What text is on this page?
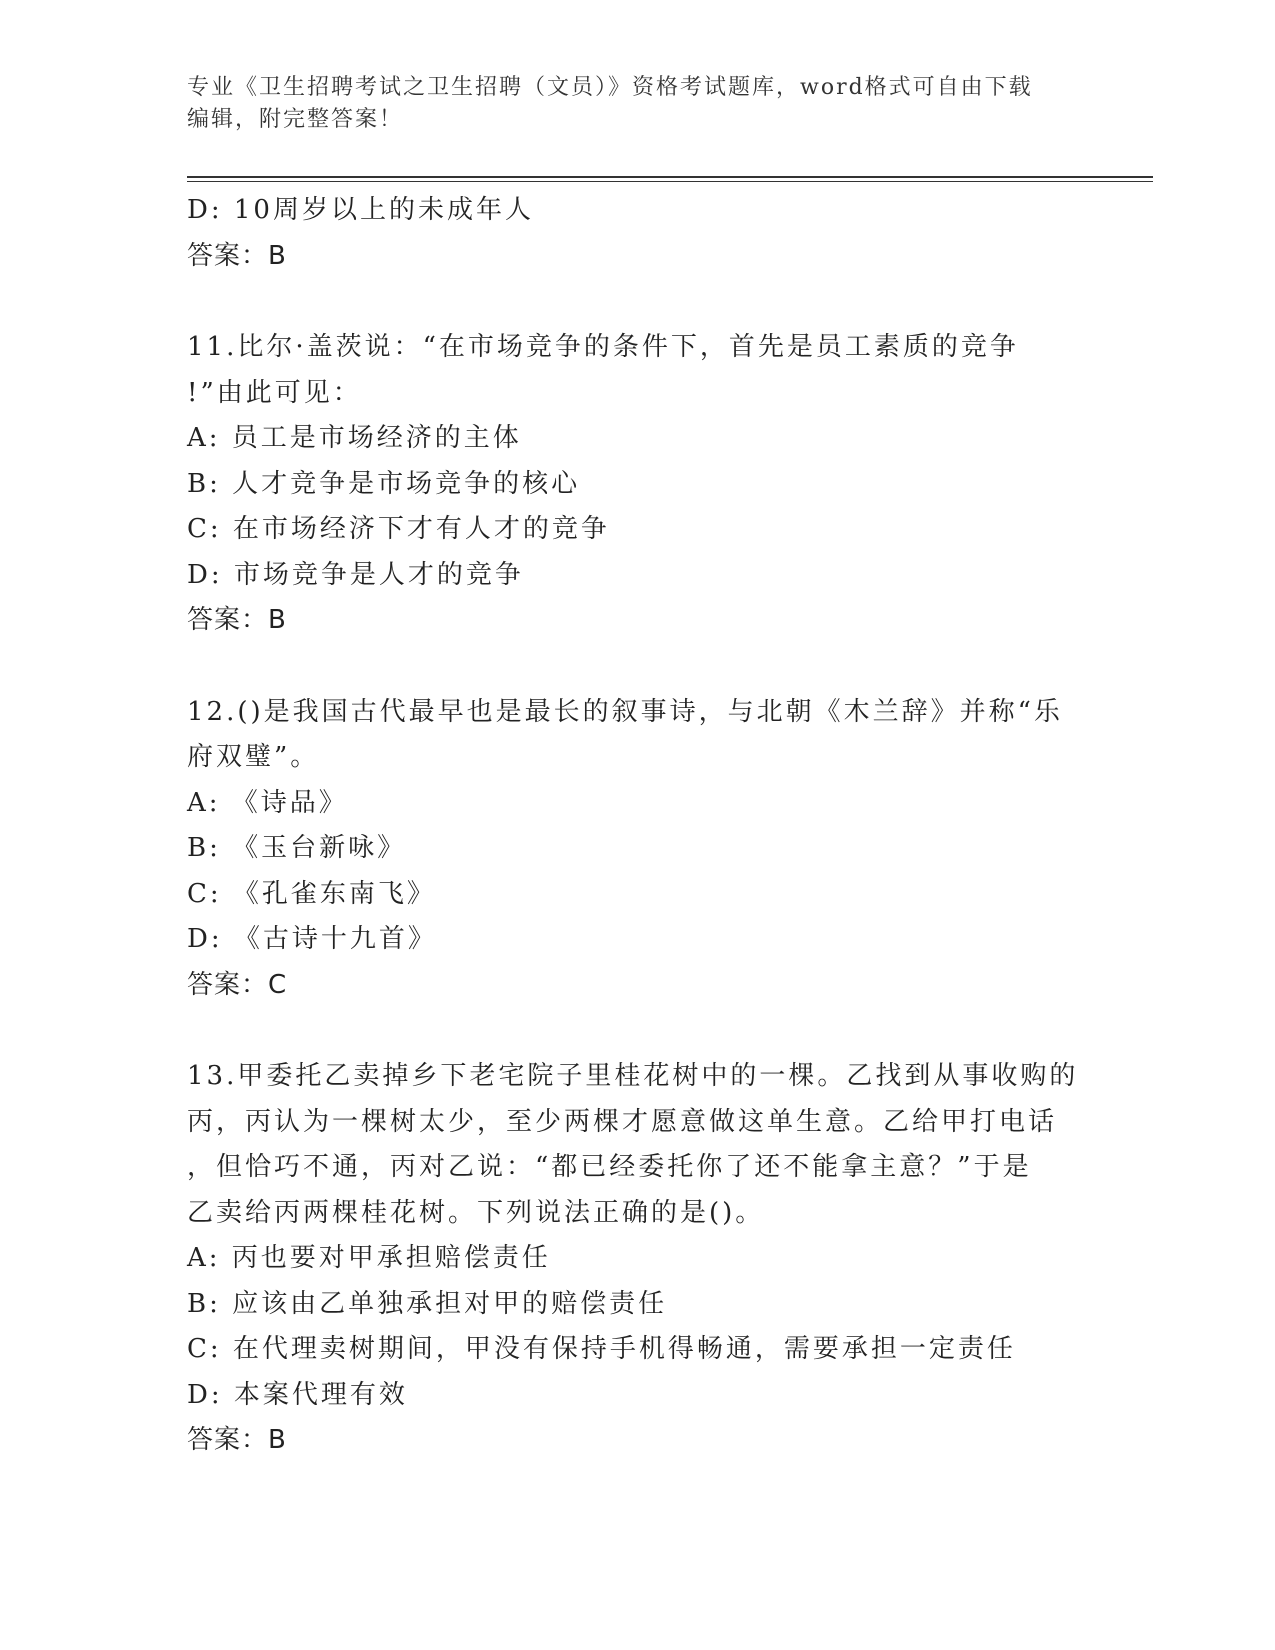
专业《卫生招聘考试之卫生招聘（文员）》资格考试题库，word格式可自由下载
编辑，附完整答案！
D: 10周岁以上的未成年人
答案：B
11.比尔·盖茨说：“在市场竞争的条件下，首先是员工素质的竞争
!”由此可见：
A: 员工是市场经济的主体
B: 人才竞争是市场竞争的核心
C: 在市场经济下才有人才的竞争
D: 市场竞争是人才的竞争
答案：B
12.()是我国古代最早也是最长的叙事诗，与北朝《木兰辞》并称“乐
府双璧”。
A: 《诗品》
B: 《玉台新咏》
C: 《孔雀东南飞》
D: 《古诗十九首》
答案：C
13.甲委托乙卖掉乡下老宅院子里桂花树中的一棵。乙找到从事收购的
丙，丙认为一棵树太少，至少两棵才愿意做这单生意。乙给甲打电话
，但恰巧不通，丙对乙说：“都已经委托你了还不能拿主意？”于是
乙卖给丙两棵桂花树。下列说法正确的是()。
A: 丙也要对甲承担赔偿责任
B: 应该由乙单独承担对甲的赔偿责任
C: 在代理卖树期间，甲没有保持手机得畅通，需要承担一定责任
D: 本案代理有效
答案：B
